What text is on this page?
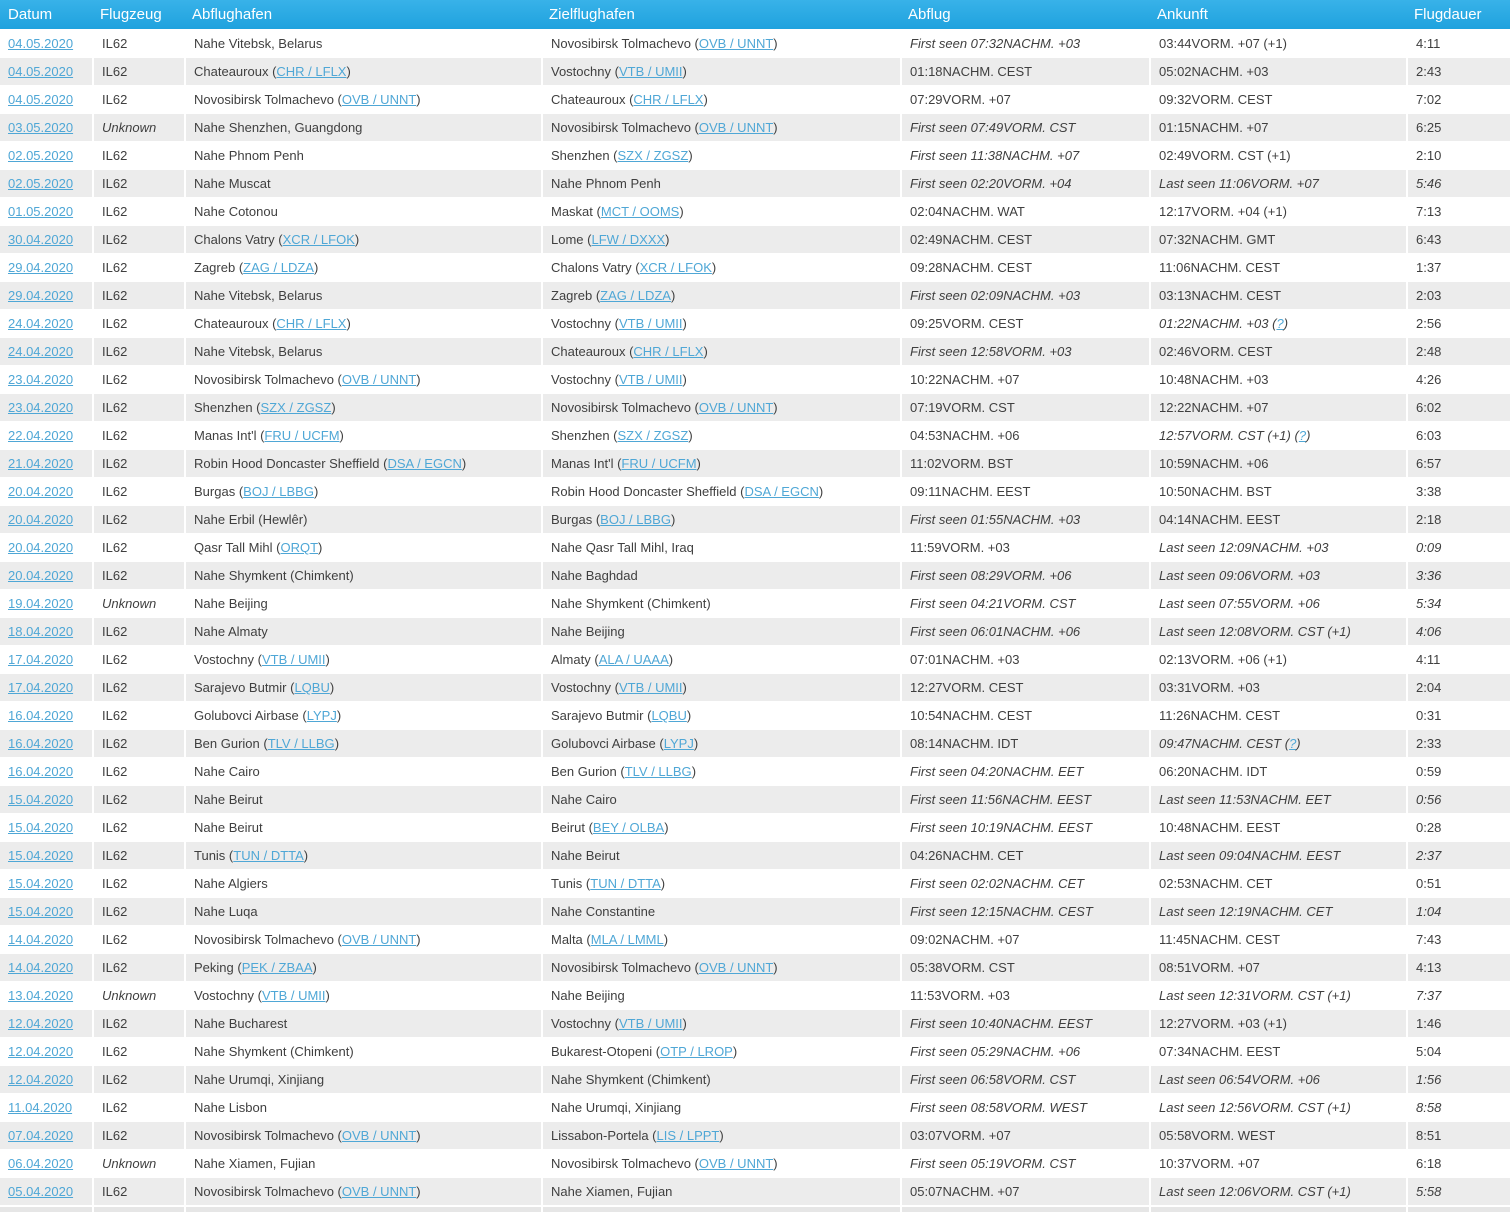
Datum	Flugzeug	Abflughafen	Zielflughafen	Abflug	Ankunft	Flugdauer
04.05.2020	IL62	Nahe Vitebsk, Belarus	Novosibirsk Tolmachevo (OVB / UNNT)	First seen 07:32NACHM. +03	03:44VORM. +07 (+1)	4:11
04.05.2020	IL62	Chateauroux (CHR / LFLX)	Vostochny (VTB / UMII)	01:18NACHM. CEST	05:02NACHM. +03	2:43
04.05.2020	IL62	Novosibirsk Tolmachevo (OVB / UNNT)	Chateauroux (CHR / LFLX)	07:29VORM. +07	09:32VORM. CEST	7:02
03.05.2020	Unknown	Nahe Shenzhen, Guangdong	Novosibirsk Tolmachevo (OVB / UNNT)	First seen 07:49VORM. CST	01:15NACHM. +07	6:25
02.05.2020	IL62	Nahe Phnom Penh	Shenzhen (SZX / ZGSZ)	First seen 11:38NACHM. +07	02:49VORM. CST (+1)	2:10
02.05.2020	IL62	Nahe Muscat	Nahe Phnom Penh	First seen 02:20VORM. +04	Last seen 11:06VORM. +07	5:46
01.05.2020	IL62	Nahe Cotonou	Maskat (MCT / OOMS)	02:04NACHM. WAT	12:17VORM. +04 (+1)	7:13
30.04.2020	IL62	Chalons Vatry (XCR / LFOK)	Lome (LFW / DXXX)	02:49NACHM. CEST	07:32NACHM. GMT	6:43
29.04.2020	IL62	Zagreb (ZAG / LDZA)	Chalons Vatry (XCR / LFOK)	09:28NACHM. CEST	11:06NACHM. CEST	1:37
29.04.2020	IL62	Nahe Vitebsk, Belarus	Zagreb (ZAG / LDZA)	First seen 02:09NACHM. +03	03:13NACHM. CEST	2:03
24.04.2020	IL62	Chateauroux (CHR / LFLX)	Vostochny (VTB / UMII)	09:25VORM. CEST	01:22NACHM. +03 (?)	2:56
24.04.2020	IL62	Nahe Vitebsk, Belarus	Chateauroux (CHR / LFLX)	First seen 12:58VORM. +03	02:46VORM. CEST	2:48
23.04.2020	IL62	Novosibirsk Tolmachevo (OVB / UNNT)	Vostochny (VTB / UMII)	10:22NACHM. +07	10:48NACHM. +03	4:26
23.04.2020	IL62	Shenzhen (SZX / ZGSZ)	Novosibirsk Tolmachevo (OVB / UNNT)	07:19VORM. CST	12:22NACHM. +07	6:02
22.04.2020	IL62	Manas Int'l (FRU / UCFM)	Shenzhen (SZX / ZGSZ)	04:53NACHM. +06	12:57VORM. CST (+1) (?)	6:03
21.04.2020	IL62	Robin Hood Doncaster Sheffield (DSA / EGCN)	Manas Int'l (FRU / UCFM)	11:02VORM. BST	10:59NACHM. +06	6:57
20.04.2020	IL62	Burgas (BOJ / LBBG)	Robin Hood Doncaster Sheffield (DSA / EGCN)	09:11NACHM. EEST	10:50NACHM. BST	3:38
20.04.2020	IL62	Nahe Erbil (Hewlêr)	Burgas (BOJ / LBBG)	First seen 01:55NACHM. +03	04:14NACHM. EEST	2:18
20.04.2020	IL62	Qasr Tall Mihl (ORQT)	Nahe Qasr Tall Mihl, Iraq	11:59VORM. +03	Last seen 12:09NACHM. +03	0:09
20.04.2020	IL62	Nahe Shymkent (Chimkent)	Nahe Baghdad	First seen 08:29VORM. +06	Last seen 09:06VORM. +03	3:36
19.04.2020	Unknown	Nahe Beijing	Nahe Shymkent (Chimkent)	First seen 04:21VORM. CST	Last seen 07:55VORM. +06	5:34
18.04.2020	IL62	Nahe Almaty	Nahe Beijing	First seen 06:01NACHM. +06	Last seen 12:08VORM. CST (+1)	4:06
17.04.2020	IL62	Vostochny (VTB / UMII)	Almaty (ALA / UAAA)	07:01NACHM. +03	02:13VORM. +06 (+1)	4:11
17.04.2020	IL62	Sarajevo Butmir (LQBU)	Vostochny (VTB / UMII)	12:27VORM. CEST	03:31VORM. +03	2:04
16.04.2020	IL62	Golubovci Airbase (LYPJ)	Sarajevo Butmir (LQBU)	10:54NACHM. CEST	11:26NACHM. CEST	0:31
16.04.2020	IL62	Ben Gurion (TLV / LLBG)	Golubovci Airbase (LYPJ)	08:14NACHM. IDT	09:47NACHM. CEST (?)	2:33
16.04.2020	IL62	Nahe Cairo	Ben Gurion (TLV / LLBG)	First seen 04:20NACHM. EET	06:20NACHM. IDT	0:59
15.04.2020	IL62	Nahe Beirut	Nahe Cairo	First seen 11:56NACHM. EEST	Last seen 11:53NACHM. EET	0:56
15.04.2020	IL62	Nahe Beirut	Beirut (BEY / OLBA)	First seen 10:19NACHM. EEST	10:48NACHM. EEST	0:28
15.04.2020	IL62	Tunis (TUN / DTTA)	Nahe Beirut	04:26NACHM. CET	Last seen 09:04NACHM. EEST	2:37
15.04.2020	IL62	Nahe Algiers	Tunis (TUN / DTTA)	First seen 02:02NACHM. CET	02:53NACHM. CET	0:51
15.04.2020	IL62	Nahe Luqa	Nahe Constantine	First seen 12:15NACHM. CEST	Last seen 12:19NACHM. CET	1:04
14.04.2020	IL62	Novosibirsk Tolmachevo (OVB / UNNT)	Malta (MLA / LMML)	09:02NACHM. +07	11:45NACHM. CEST	7:43
14.04.2020	IL62	Peking (PEK / ZBAA)	Novosibirsk Tolmachevo (OVB / UNNT)	05:38VORM. CST	08:51VORM. +07	4:13
13.04.2020	Unknown	Vostochny (VTB / UMII)	Nahe Beijing	11:53VORM. +03	Last seen 12:31VORM. CST (+1)	7:37
12.04.2020	IL62	Nahe Bucharest	Vostochny (VTB / UMII)	First seen 10:40NACHM. EEST	12:27VORM. +03 (+1)	1:46
12.04.2020	IL62	Nahe Shymkent (Chimkent)	Bukarest-Otopeni (OTP / LROP)	First seen 05:29NACHM. +06	07:34NACHM. EEST	5:04
12.04.2020	IL62	Nahe Urumqi, Xinjiang	Nahe Shymkent (Chimkent)	First seen 06:58VORM. CST	Last seen 06:54VORM. +06	1:56
11.04.2020	IL62	Nahe Lisbon	Nahe Urumqi, Xinjiang	First seen 08:58VORM. WEST	Last seen 12:56VORM. CST (+1)	8:58
07.04.2020	IL62	Novosibirsk Tolmachevo (OVB / UNNT)	Lissabon-Portela (LIS / LPPT)	03:07VORM. +07	05:58VORM. WEST	8:51
06.04.2020	Unknown	Nahe Xiamen, Fujian	Novosibirsk Tolmachevo (OVB / UNNT)	First seen 05:19VORM. CST	10:37VORM. +07	6:18
05.04.2020	IL62	Novosibirsk Tolmachevo (OVB / UNNT)	Nahe Xiamen, Fujian	05:07NACHM. +07	Last seen 12:06VORM. CST (+1)	5:58
